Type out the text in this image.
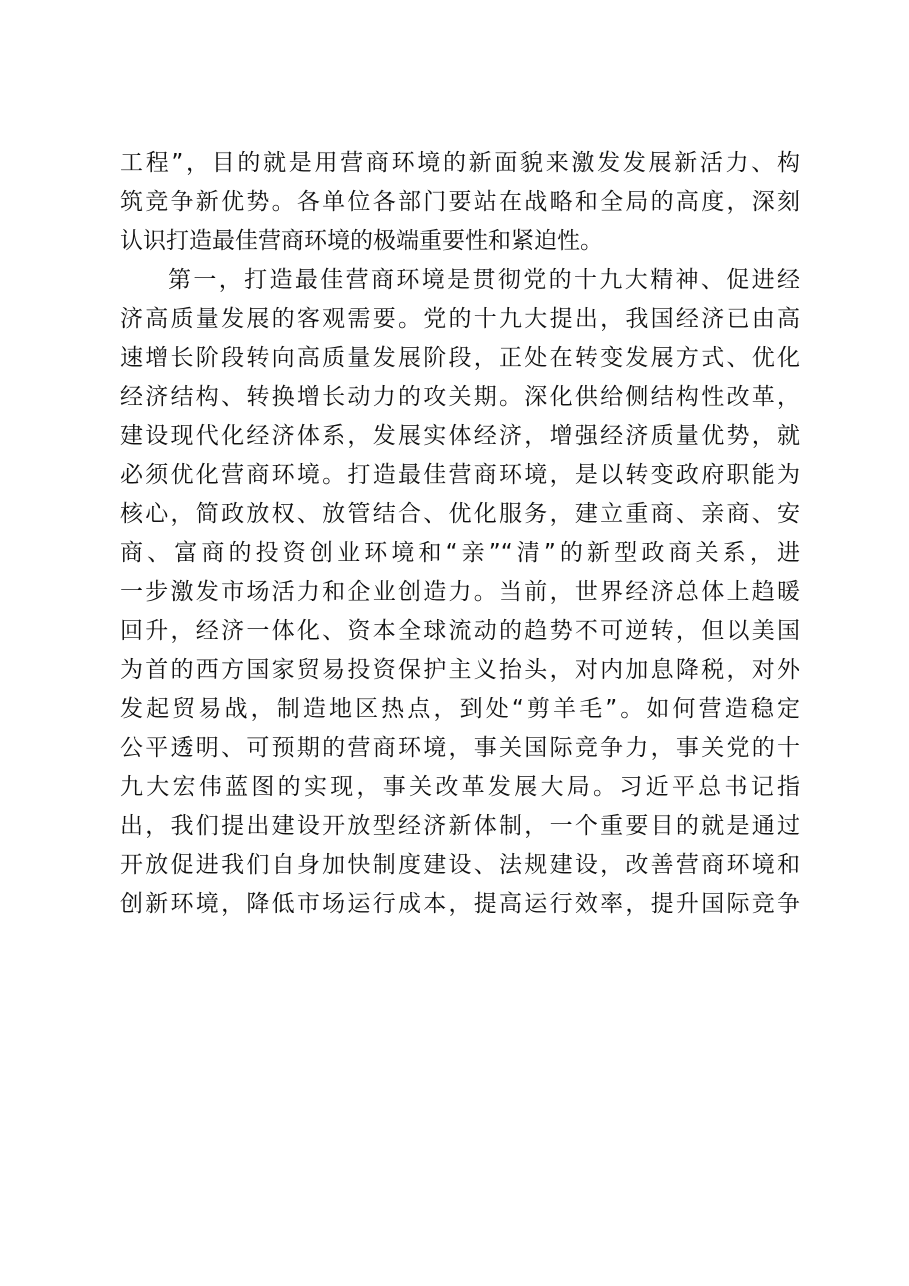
工程”，目的就是用营商环境的新面貌来激发发展新活力、构
筑竞争新优势。各单位各部门要站在战略和全局的高度，深刻
认识打造最佳营商环境的极端重要性和紧迫性。
第一，打造最佳营商环境是贯彻党的十九大精神、促进经
济高质量发展的客观需要。党的十九大提出，我国经济已由高
速增长阶段转向高质量发展阶段，正处在转变发展方式、优化
经济结构、转换增长动力的攻关期。深化供给侧结构性改革，
建设现代化经济体系，发展实体经济，增强经济质量优势，就
必须优化营商环境。打造最佳营商环境，是以转变政府职能为
核心，简政放权、放管结合、优化服务，建立重商、亲商、安
商、富商的投资创业环境和“亲”“清”的新型政商关系，进
一步激发市场活力和企业创造力。当前，世界经济总体上趋暖
回升，经济一体化、资本全球流动的趋势不可逆转，但以美国
为首的西方国家贸易投资保护主义抬头，对内加息降税，对外
发起贸易战，制造地区热点，到处“剪羊毛”。如何营造稳定
公平透明、可预期的营商环境，事关国际竞争力，事关党的十
九大宏伟蓝图的实现，事关改革发展大局。习近平总书记指
出，我们提出建设开放型经济新体制，一个重要目的就是通过
开放促进我们自身加快制度建设、法规建设，改善营商环境和
创新环境，降低市场运行成本，提高运行效率，提升国际竞争
